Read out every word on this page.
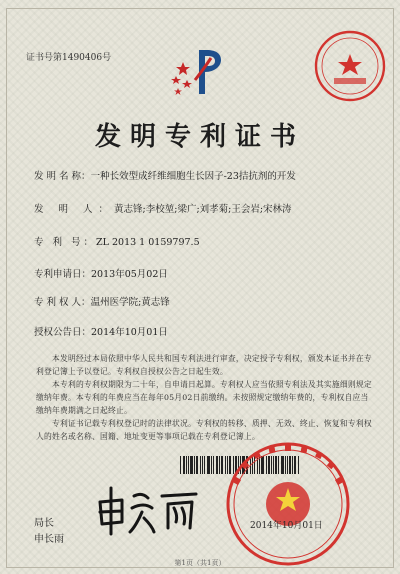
证书号第1490406号
发明专利证书
发 明 名 称：一种长效型成纤维细胞生长因子-23拮抗剂的开发
发 明 人：黄志锋;李校堃;梁广;刘孝菊;王会岩;宋林涛
专 利 号：ZL 2013 1 0159797.5
专利申请日：2013年05月02日
专 利 权 人：温州医学院;黄志锋
授权公告日：2014年10月01日
本发明经过本局依照中华人民共和国专利法进行审查，决定授予专利权，颁发本证书并在专利登记簿上予以登记。专利权自授权公告之日起生效。
本专利的专利权期限为二十年，自申请日起算。专利权人应当依照专利法及其实施细则规定缴纳年费。本专利的年费应当在每年05月02日前缴纳。未按照规定缴纳年费的，专利权自应当缴纳年费期满之日起终止。
专利证书记载专利权登记时的法律状况。专利权的转移、质押、无效、终止、恢复和专利权人的姓名或名称、国籍、地址变更等事项记载在专利登记簿上。
局长
申长雨
2014年10月01日
第1页（共1页）
